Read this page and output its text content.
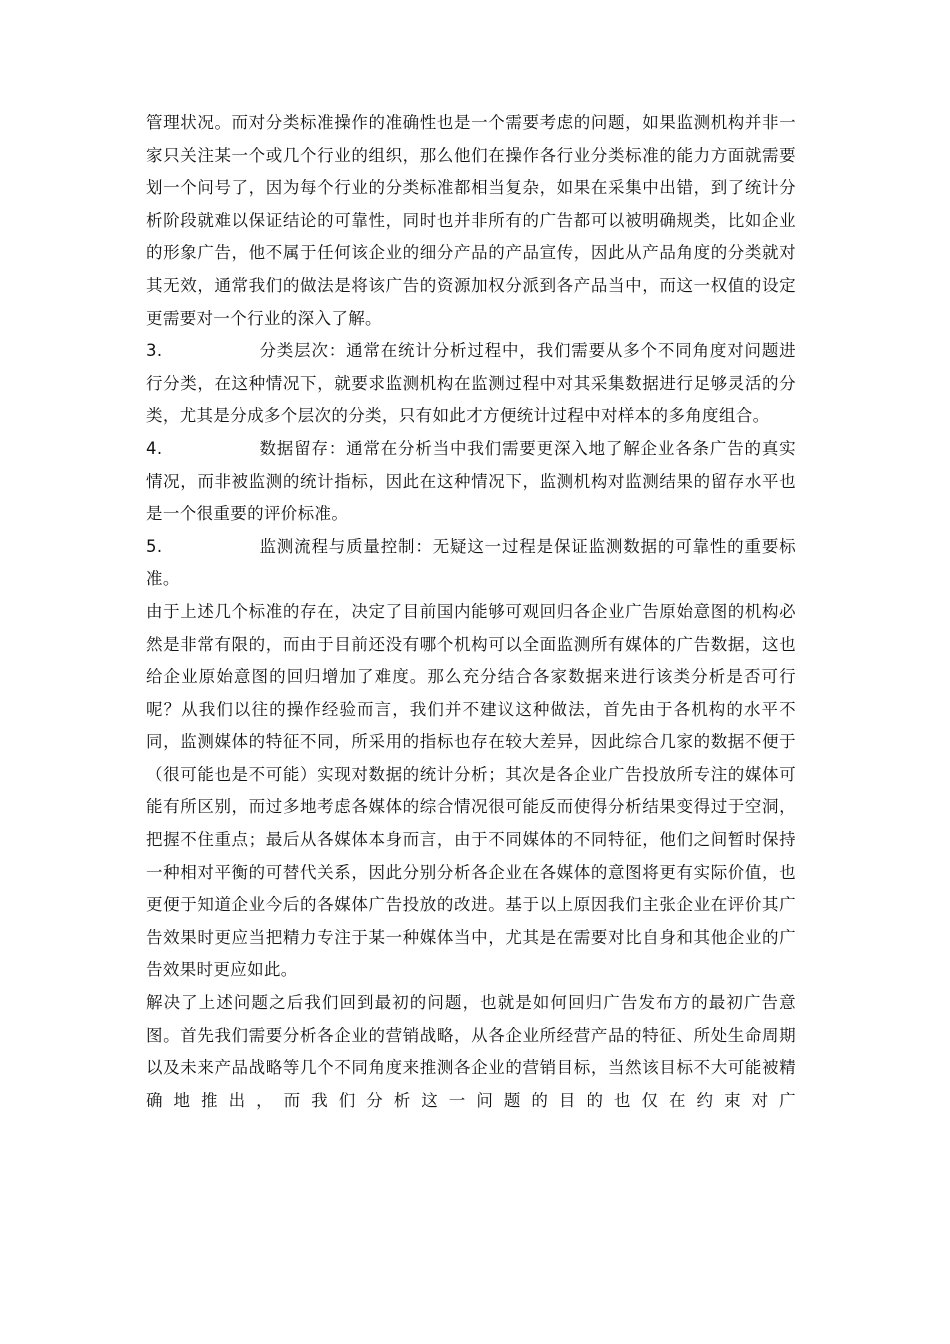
管理状况。而对分类标准操作的准确性也是一个需要考虑的问题，如果监测机构并非一家只关注某一个或几个行业的组织，那么他们在操作各行业分类标准的能力方面就需要划一个问号了，因为每个行业的分类标准都相当复杂，如果在采集中出错，到了统计分析阶段就难以保证结论的可靠性，同时也并非所有的广告都可以被明确规类，比如企业的形象广告，他不属于任何该企业的细分产品的产品宣传，因此从产品角度的分类就对其无效，通常我们的做法是将该广告的资源加权分派到各产品当中，而这一权值的设定更需要对一个行业的深入了解。

3.	分类层次：通常在统计分析过程中，我们需要从多个不同角度对问题进行分类，在这种情况下，就要求监测机构在监测过程中对其采集数据进行足够灵活的分类，尤其是分成多个层次的分类，只有如此才方便统计过程中对样本的多角度组合。

4.	数据留存：通常在分析当中我们需要更深入地了解企业各条广告的真实情况，而非被监测的统计指标，因此在这种情况下，监测机构对监测结果的留存水平也是一个很重要的评价标准。

5.	监测流程与质量控制：无疑这一过程是保证监测数据的可靠性的重要标准。

由于上述几个标准的存在，决定了目前国内能够可观回归各企业广告原始意图的机构必然是非常有限的，而由于目前还没有哪个机构可以全面监测所有媒体的广告数据，这也给企业原始意图的回归增加了难度。那么充分结合各家数据来进行该类分析是否可行呢？从我们以往的操作经验而言，我们并不建议这种做法，首先由于各机构的水平不同，监测媒体的特征不同，所采用的指标也存在较大差异，因此综合几家的数据不便于（很可能也是不可能）实现对数据的统计分析；其次是各企业广告投放所专注的媒体可能有所区别，而过多地考虑各媒体的综合情况很可能反而使得分析结果变得过于空洞，把握不住重点；最后从各媒体本身而言，由于不同媒体的不同特征，他们之间暂时保持一种相对平衡的可替代关系，因此分别分析各企业在各媒体的意图将更有实际价值，也更便于知道企业今后的各媒体广告投放的改进。基于以上原因我们主张企业在评价其广告效果时更应当把精力专注于某一种媒体当中，尤其是在需要对比自身和其他企业的广告效果时更应如此。

解决了上述问题之后我们回到最初的问题，也就是如何回归广告发布方的最初广告意图。首先我们需要分析各企业的营销战略，从各企业所经营产品的特征、所处生命周期以及未来产品战略等几个不同角度来推测各企业的营销目标，当然该目标不大可能被精确地推出，而我们分析这一问题的目的也仅在约束对广
